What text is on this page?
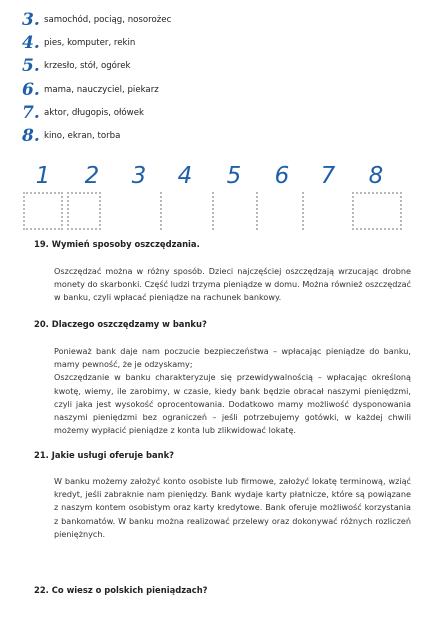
3. samochód, pociąg, nosorożec
4. pies, komputer, rekin
5. krzesło, stół, ogórek
6. mama, nauczyciel, piekarz
7. aktor, długopis, ołówek
8. kino, ekran, torba
1	2	3	4	5	6	7	8
19. Wymień sposoby oszczędzania.

Oszczędzać można w różny sposób. Dzieci najczęściej oszczędzają wrzucając drobne monety do skarbonki. Część ludzi trzyma pieniądze w domu. Można również oszczędzać w banku, czyli wpłacać pieniądze na rachunek bankowy.

20. Dlaczego oszczędzamy w banku?

Ponieważ bank daje nam poczucie bezpieczeństwa – wpłacając pieniądze do banku, mamy pewność, że je odzyskamy;

Oszczędzanie w banku charakteryzuje się przewidywalnością – wpłacając określoną kwotę, wiemy, ile zarobimy, w czasie, kiedy bank będzie obracał naszymi pieniędzmi, czyli jaka jest wysokość oprocentowania. Dodatkowo mamy możliwość dysponowania naszymi pieniędzmi bez ograniczeń – jeśli potrzebujemy gotówki, w każdej chwili możemy wypłacić pieniądze z konta lub zlikwidować lokatę.

21. Jakie usługi oferuje bank?

W banku możemy założyć konto osobiste lub firmowe, założyć lokatę terminową, wziąć kredyt, jeśli zabraknie nam pieniędzy. Bank wydaje karty płatnicze, które są powiązane z naszym kontem osobistym oraz karty kredytowe. Bank oferuje możliwość korzystania z bankomatów. W banku można realizować przelewy oraz dokonywać różnych rozliczeń pieniężnych.

22. Co wiesz o polskich pieniądzach?
